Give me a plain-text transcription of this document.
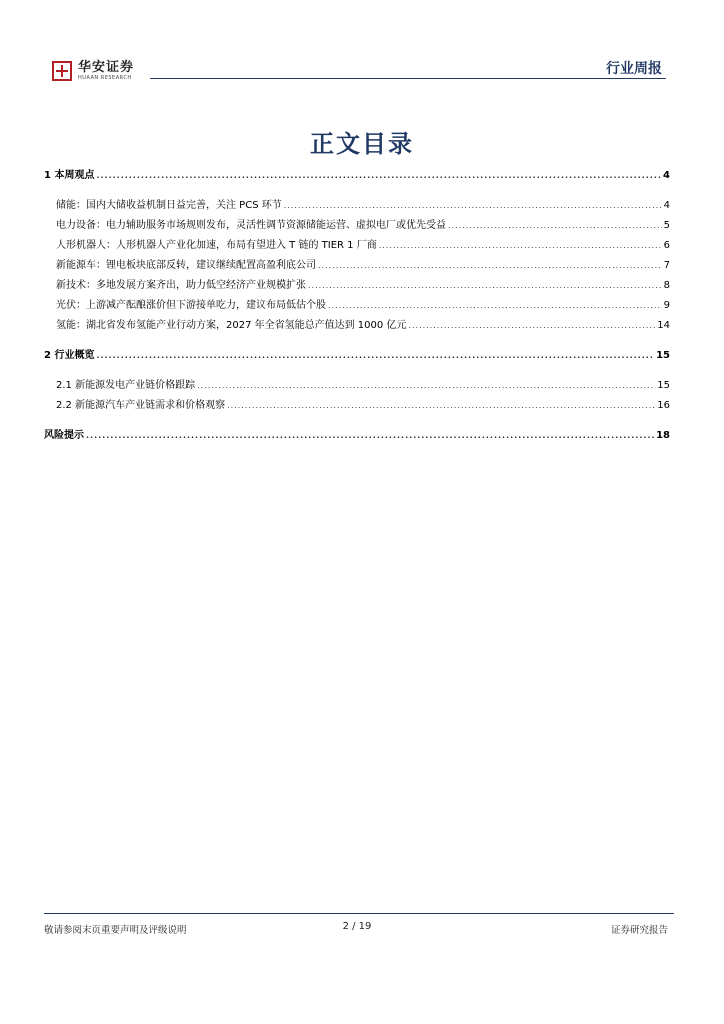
华安证券
HUAAN RESEARCH
行业周报
正文目录
1 本周观点 .....	4
储能：国内大储收益机制日益完善，关注 PCS 环节 .....	4
电力设备：电力辅助服务市场规则发布，灵活性调节资源储能运营、虚拟电厂或优先受益 .....	5
人形机器人：人形机器人产业化加速，布局有望进入 T 链的 TIER 1 厂商 .....	6
新能源车：锂电板块底部反转，建议继续配置高盈利底公司 .....	7
新技术：多地发展方案齐出，助力低空经济产业规模扩张 .....	8
光伏：上游减产酝酿涨价但下游接单吃力，建议布局低估个股 .....	9
氢能：湖北省发布氢能产业行动方案，2027 年全省氢能总产值达到 1000 亿元 .....	14
2 行业概览 .....	15
2.1 新能源发电产业链价格跟踪 .....	15
2.2 新能源汽车产业链需求和价格观察 .....	16
风险提示 .....	18
敬请参阅末页重要声明及评级说明	2 / 19	证券研究报告
